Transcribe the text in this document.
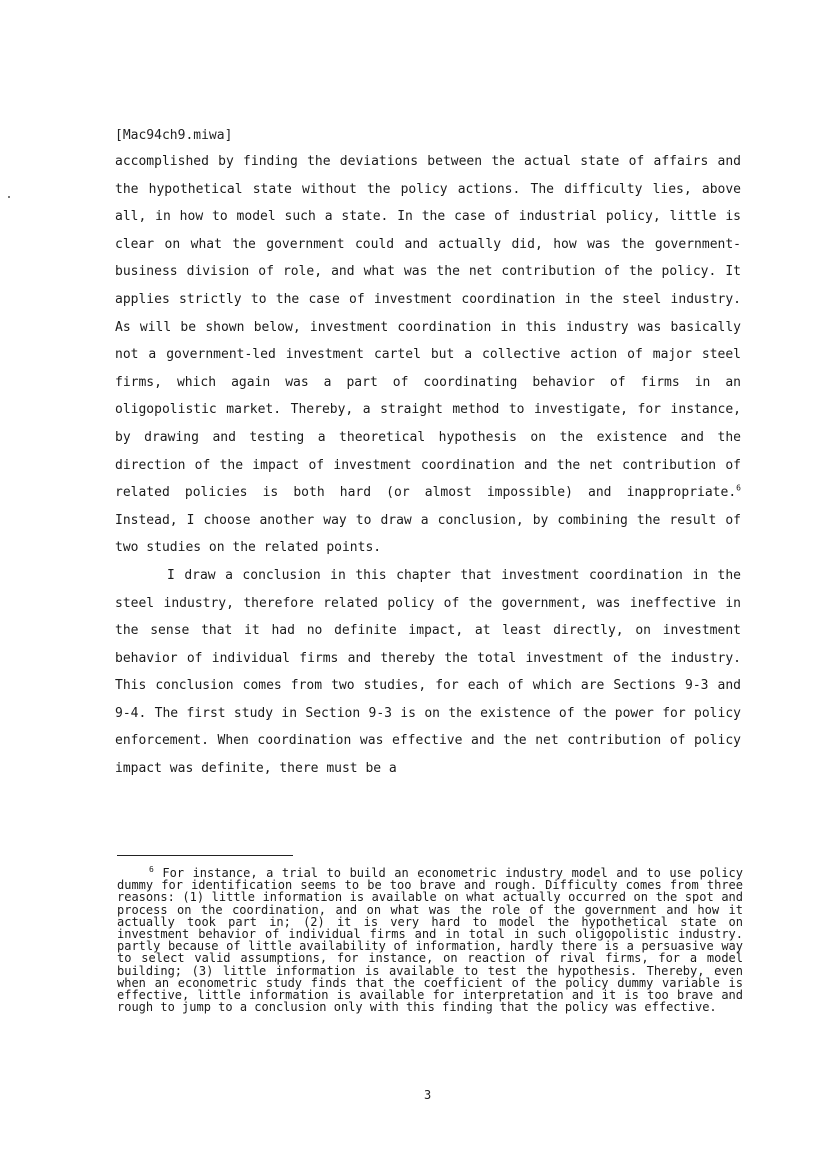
[Mac94ch9.miwa]

accomplished by finding the deviations between the actual state of affairs and the hypothetical state without the policy actions. The difficulty lies, above all, in how to model such a state. In the case of industrial policy, little is clear on what the government could and actually did, how was the government-business division of role, and what was the net contribution of the policy. It applies strictly to the case of investment coordination in the steel industry. As will be shown below, investment coordination in this industry was basically not a government-led investment cartel but a collective action of major steel firms, which again was a part of coordinating behavior of firms in an oligopolistic market. Thereby, a straight method to investigate, for instance, by drawing and testing a theoretical hypothesis on the existence and the direction of the impact of investment coordination and the net contribution of related policies is both hard (or almost impossible) and inappropriate.$^6$ Instead, I choose another way to draw a conclusion, by combining the result of two studies on the related points.

I draw a conclusion in this chapter that investment coordination in the steel industry, therefore related policy of the government, was ineffective in the sense that it had no definite impact, at least directly, on investment behavior of individual firms and thereby the total investment of the industry. This conclusion comes from two studies, for each of which are Sections 9-3 and 9-4. The first study in Section 9-3 is on the existence of the power for policy enforcement. When coordination was effective and the net contribution of policy impact was definite, there must be a

$^6$ For instance, a trial to build an econometric industry model and to use policy dummy for identification seems to be too brave and rough. Difficulty comes from three reasons: (1) little information is available on what actually occurred on the spot and process on the coordination, and on what was the role of the government and how it actually took part in; (2) it is very hard to model the hypothetical state on investment behavior of individual firms and in total in such oligopolistic industry. partly because of little availability of information, hardly there is a persuasive way to select valid assumptions, for instance, on reaction of rival firms, for a model building; (3) little information is available to test the hypothesis. Thereby, even when an econometric study finds that the coefficient of the policy dummy variable is effective, little information is available for interpretation and it is too brave and rough to jump to a conclusion only with this finding that the policy was effective.

3
